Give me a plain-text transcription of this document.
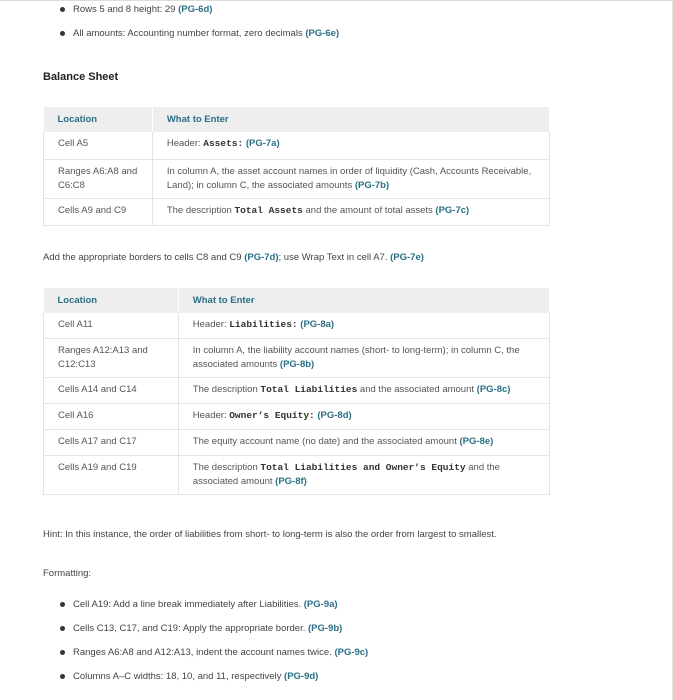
Rows 5 and 8 height: 29 (PG-6d)
All amounts: Accounting number format, zero decimals (PG-6e)
Balance Sheet
Location	What to Enter
Cell A5	Header: Assets: (PG-7a)
Ranges A6:A8 and C6:C8	In column A, the asset account names in order of liquidity (Cash, Accounts Receivable, Land); in column C, the associated amounts (PG-7b)
Cells A9 and C9	The description Total Assets and the amount of total assets (PG-7c)
Add the appropriate borders to cells C8 and C9 (PG-7d); use Wrap Text in cell A7. (PG-7e)
Location	What to Enter
Cell A11	Header: Liabilities: (PG-8a)
Ranges A12:A13 and C12:C13	In column A, the liability account names (short- to long-term); in column C, the associated amounts (PG-8b)
Cells A14 and C14	The description Total Liabilities and the associated amount (PG-8c)
Cell A16	Header: Owner’s Equity: (PG-8d)
Cells A17 and C17	The equity account name (no date) and the associated amount (PG-8e)
Cells A19 and C19	The description Total Liabilities and Owner’s Equity and the associated amount (PG-8f)
Hint: In this instance, the order of liabilities from short- to long-term is also the order from largest to smallest.
Formatting:
Cell A19: Add a line break immediately after Liabilities. (PG-9a)
Cells C13, C17, and C19: Apply the appropriate border. (PG-9b)
Ranges A6:A8 and A12:A13, indent the account names twice. (PG-9c)
Columns A–C widths: 18, 10, and 11, respectively (PG-9d)
